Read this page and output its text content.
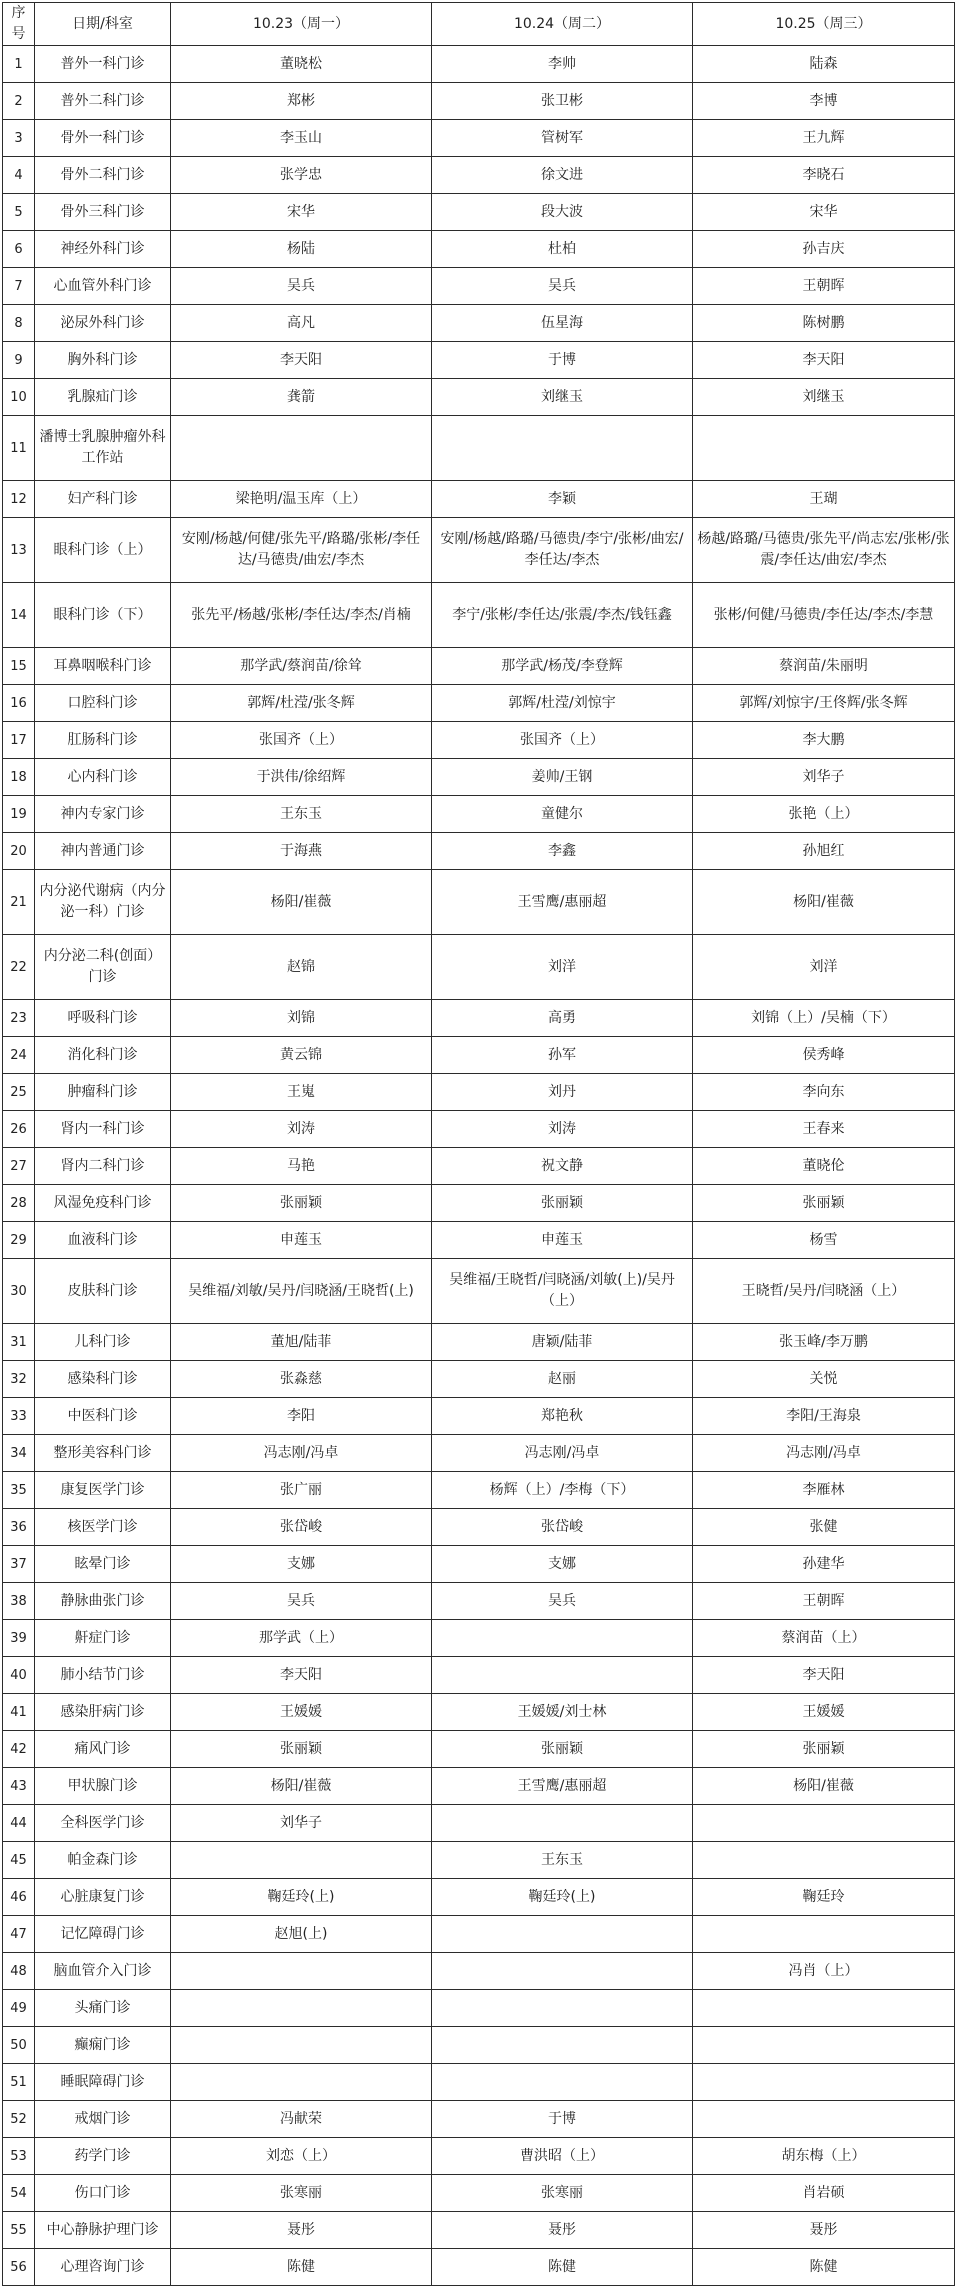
序号	日期/科室	10.23（周一）	10.24（周二）	10.25（周三）
1	普外一科门诊	董晓松	李帅	陆森
2	普外二科门诊	郑彬	张卫彬	李博
3	骨外一科门诊	李玉山	管树军	王九辉
4	骨外二科门诊	张学忠	徐文进	李晓石
5	骨外三科门诊	宋华	段大波	宋华
6	神经外科门诊	杨陆	杜柏	孙吉庆
7	心血管外科门诊	吴兵	吴兵	王朝晖
8	泌尿外科门诊	高凡	伍星海	陈树鹏
9	胸外科门诊	李天阳	于博	李天阳
10	乳腺疝门诊	龚箭	刘继玉	刘继玉
11	潘博士乳腺肿瘤外科工作站			
12	妇产科门诊	梁艳明/温玉库（上）	李颖	王瑚
13	眼科门诊（上）	安刚/杨越/何健/张先平/路璐/张彬/李任达/马德贵/曲宏/李杰	安刚/杨越/路璐/马德贵/李宁/张彬/曲宏/李任达/李杰	杨越/路璐/马德贵/张先平/尚志宏/张彬/张震/李任达/曲宏/李杰
14	眼科门诊（下）	张先平/杨越/张彬/李任达/李杰/肖楠	李宁/张彬/李任达/张震/李杰/钱钰鑫	张彬/何健/马德贵/李任达/李杰/李慧
15	耳鼻咽喉科门诊	那学武/蔡润苗/徐耸	那学武/杨茂/李登辉	蔡润苗/朱丽明
16	口腔科门诊	郭辉/杜滢/张冬辉	郭辉/杜滢/刘惊宇	郭辉/刘惊宇/王佟辉/张冬辉
17	肛肠科门诊	张国齐（上）	张国齐（上）	李大鹏
18	心内科门诊	于洪伟/徐绍辉	姜帅/王钢	刘华子
19	神内专家门诊	王东玉	童健尔	张艳（上）
20	神内普通门诊	于海燕	李鑫	孙旭红
21	内分泌代谢病（内分泌一科）门诊	杨阳/崔薇	王雪鹰/惠丽超	杨阳/崔薇
22	内分泌二科(创面）门诊	赵锦	刘洋	刘洋
23	呼吸科门诊	刘锦	高勇	刘锦（上）/吴楠（下）
24	消化科门诊	黄云锦	孙军	侯秀峰
25	肿瘤科门诊	王嵬	刘丹	李向东
26	肾内一科门诊	刘涛	刘涛	王春来
27	肾内二科门诊	马艳	祝文静	董晓伦
28	风湿免疫科门诊	张丽颖	张丽颖	张丽颖
29	血液科门诊	申莲玉	申莲玉	杨雪
30	皮肤科门诊	吴维福/刘敏/吴丹/闫晓涵/王晓哲(上)	吴维福/王晓哲/闫晓涵/刘敏(上)/吴丹（上）	王晓哲/吴丹/闫晓涵（上）
31	儿科门诊	董旭/陆菲	唐颖/陆菲	张玉峰/李万鹏
32	感染科门诊	张淼慈	赵丽	关悦
33	中医科门诊	李阳	郑艳秋	李阳/王海泉
34	整形美容科门诊	冯志刚/冯卓	冯志刚/冯卓	冯志刚/冯卓
35	康复医学门诊	张广丽	杨辉（上）/李梅（下）	李雁林
36	核医学门诊	张岱峻	张岱峻	张健
37	眩晕门诊	支娜	支娜	孙建华
38	静脉曲张门诊	吴兵	吴兵	王朝晖
39	鼾症门诊	那学武（上）		蔡润苗（上）
40	肺小结节门诊	李天阳		李天阳
41	感染肝病门诊	王媛媛	王媛媛/刘士林	王媛媛
42	痛风门诊	张丽颖	张丽颖	张丽颖
43	甲状腺门诊	杨阳/崔薇	王雪鹰/惠丽超	杨阳/崔薇
44	全科医学门诊	刘华子		
45	帕金森门诊		王东玉	
46	心脏康复门诊	鞠廷玲(上)	鞠廷玲(上)	鞠廷玲
47	记忆障碍门诊	赵旭(上)		
48	脑血管介入门诊			冯肖（上）
49	头痛门诊			
50	癫痫门诊			
51	睡眠障碍门诊			
52	戒烟门诊	冯献荣	于博	
53	药学门诊	刘恋（上）	曹洪昭（上）	胡东梅（上）
54	伤口门诊	张寒丽	张寒丽	肖岩硕
55	中心静脉护理门诊	聂彤	聂彤	聂彤
56	心理咨询门诊	陈健	陈健	陈健
